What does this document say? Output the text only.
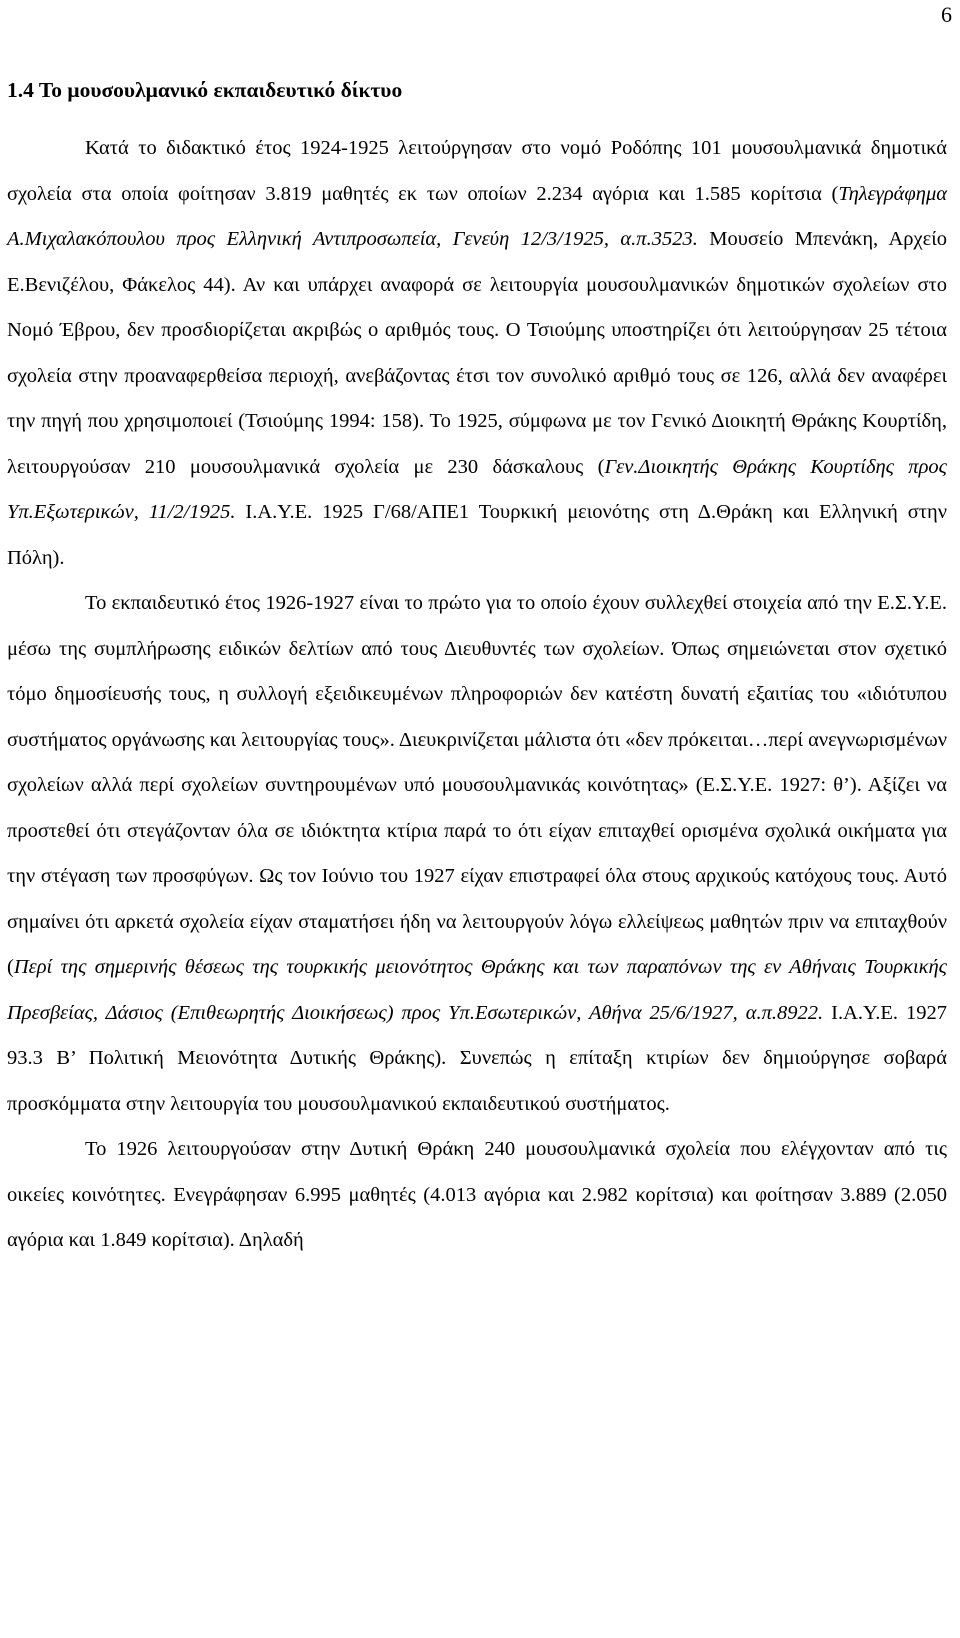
6
1.4 Το μουσουλμανικό εκπαιδευτικό δίκτυο
Κατά το διδακτικό έτος 1924-1925 λειτούργησαν στο νομό Ροδόπης 101 μουσουλμανικά δημοτικά σχολεία στα οποία φοίτησαν 3.819 μαθητές εκ των οποίων 2.234 αγόρια και 1.585 κορίτσια (Τηλεγράφημα Α.Μιχαλακόπουλου προς Ελληνική Αντιπροσωπεία, Γενεύη 12/3/1925, α.π.3523. Μουσείο Μπενάκη, Αρχείο Ε.Βενιζέλου, Φάκελος 44). Αν και υπάρχει αναφορά σε λειτουργία μουσουλμανικών δημοτικών σχολείων στο Νομό Έβρου, δεν προσδιορίζεται ακριβώς ο αριθμός τους. Ο Τσιούμης υποστηρίζει ότι λειτούργησαν 25 τέτοια σχολεία στην προαναφερθείσα περιοχή, ανεβάζοντας έτσι τον συνολικό αριθμό τους σε 126, αλλά δεν αναφέρει την πηγή που χρησιμοποιεί (Τσιούμης 1994: 158). Το 1925, σύμφωνα με τον Γενικό Διοικητή Θράκης Κουρτίδη, λειτουργούσαν 210 μουσουλμανικά σχολεία με 230 δάσκαλους (Γεν.Διοικητής Θράκης Κουρτίδης προς Υπ.Εξωτερικών, 11/2/1925. Ι.Α.Υ.Ε. 1925 Γ/68/ΑΠΕ1 Τουρκική μειονότης στη Δ.Θράκη και Ελληνική στην Πόλη).
Το εκπαιδευτικό έτος 1926-1927 είναι το πρώτο για το οποίο έχουν συλλεχθεί στοιχεία από την Ε.Σ.Υ.Ε. μέσω της συμπλήρωσης ειδικών δελτίων από τους Διευθυντές των σχολείων. Όπως σημειώνεται στον σχετικό τόμο δημοσίευσής τους, η συλλογή εξειδικευμένων πληροφοριών δεν κατέστη δυνατή εξαιτίας του «ιδιότυπου συστήματος οργάνωσης και λειτουργίας τους». Διευκρινίζεται μάλιστα ότι «δεν πρόκειται…περί ανεγνωρισμένων σχολείων αλλά περί σχολείων συντηρουμένων υπό μουσουλμανικάς κοινότητας» (Ε.Σ.Υ.Ε. 1927: θ’). Αξίζει να προστεθεί ότι στεγάζονταν όλα σε ιδιόκτητα κτίρια παρά το ότι είχαν επιταχθεί ορισμένα σχολικά οικήματα για την στέγαση των προσφύγων. Ως τον Ιούνιο του 1927 είχαν επιστραφεί όλα στους αρχικούς κατόχους τους. Αυτό σημαίνει ότι αρκετά σχολεία είχαν σταματήσει ήδη να λειτουργούν λόγω ελλείψεως μαθητών πριν να επιταχθούν (Περί της σημερινής θέσεως της τουρκικής μειονότητος Θράκης και των παραπόνων της εν Αθήναις Τουρκικής Πρεσβείας, Δάσιος (Επιθεωρητής Διοικήσεως) προς Υπ.Εσωτερικών, Αθήνα 25/6/1927, α.π.8922. Ι.Α.Υ.Ε. 1927 93.3 Β’ Πολιτική Μειονότητα Δυτικής Θράκης). Συνεπώς η επίταξη κτιρίων δεν δημιούργησε σοβαρά προσκόμματα στην λειτουργία του μουσουλμανικού εκπαιδευτικού συστήματος.
Το 1926 λειτουργούσαν στην Δυτική Θράκη 240 μουσουλμανικά σχολεία που ελέγχονταν από τις οικείες κοινότητες. Ενεγράφησαν 6.995 μαθητές (4.013 αγόρια και 2.982 κορίτσια) και φοίτησαν 3.889 (2.050 αγόρια και 1.849 κορίτσια). Δηλαδή
